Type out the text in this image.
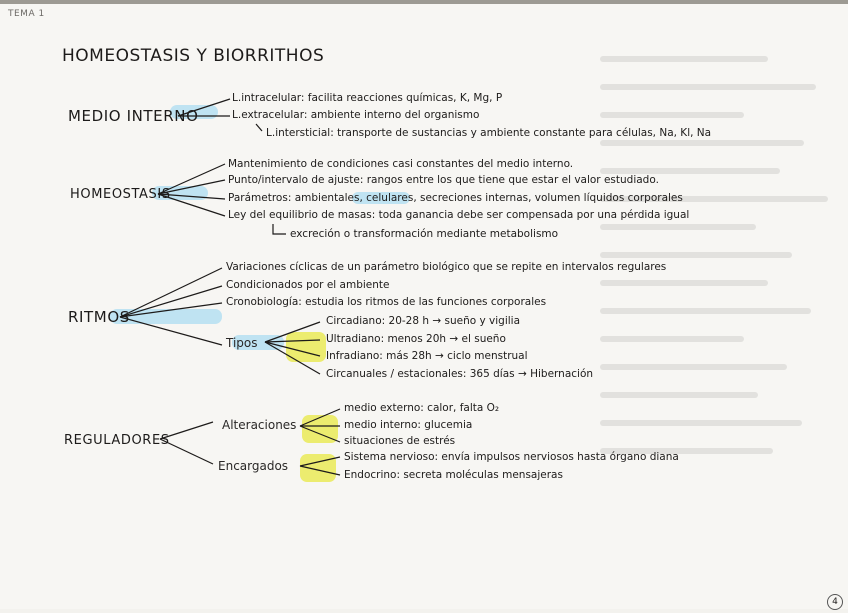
TEMA 1
HOMEOSTASIS Y BIORRITHOS
MEDIO INTERNO
L.intracelular: facilita reacciones químicas, K, Mg, P
L.extracelular: ambiente interno del organismo
L.intersticial: transporte de sustancias y ambiente constante para células, Na, Kl, Na
HOMEOSTASIS
Mantenimiento de condiciones casi constantes del medio interno.
Punto/intervalo de ajuste: rangos entre los que tiene que estar el valor estudiado.
Parámetros: ambientales, celulares, secreciones internas, volumen líquidos corporales
Ley del equilibrio de masas: toda ganancia debe ser compensada por una pérdida igual
excreción o transformación mediante metabolismo
RITMOS
Variaciones cíclicas de un parámetro biológico que se repite en intervalos regulares
Condicionados por el ambiente
Cronobiología: estudia los ritmos de las funciones corporales
Tipos
Circadiano: 20-28 h → sueño y vigilia
Ultradiano: menos 20h → el sueño
Infradiano: más 28h → ciclo menstrual
Circanuales / estacionales: 365 días → Hibernación
REGULADORES
Alteraciones
medio externo: calor, falta O₂
medio interno: glucemia
situaciones de estrés
Encargados
Sistema nervioso: envía impulsos nerviosos hasta órgano diana
Endocrino: secreta moléculas mensajeras
4
